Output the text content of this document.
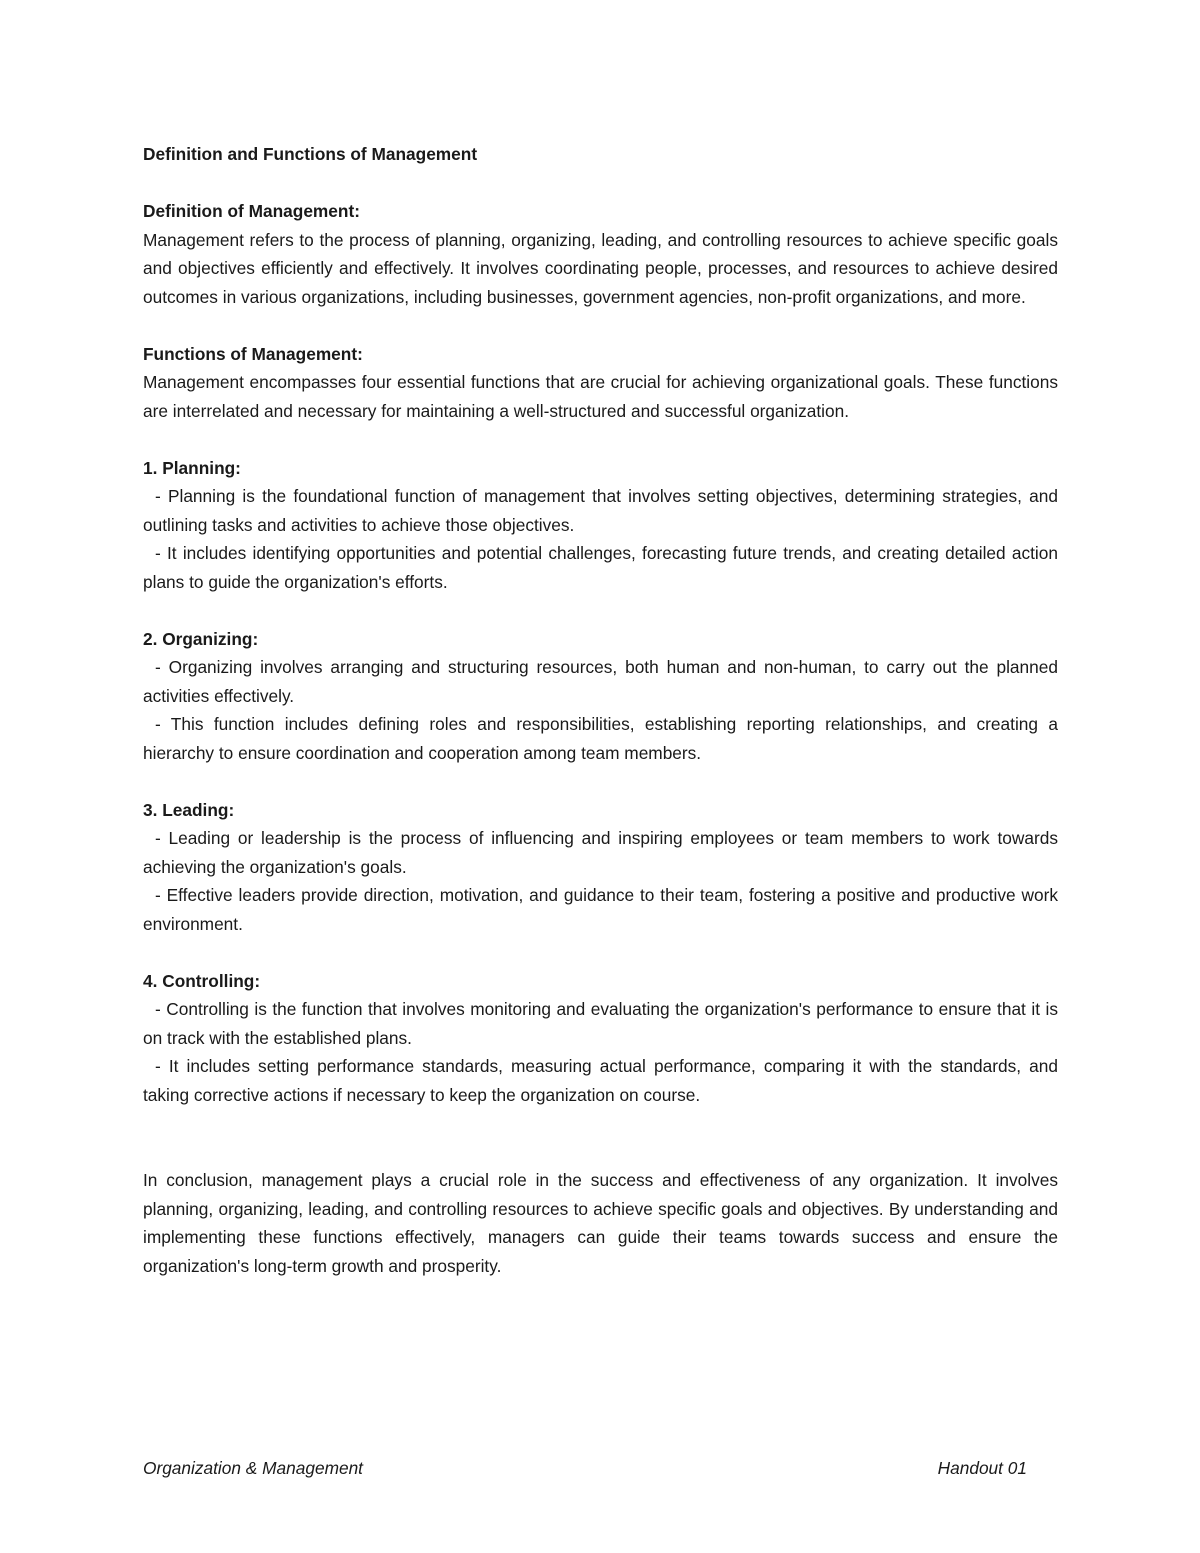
Definition and Functions of Management

Definition of Management:

Management refers to the process of planning, organizing, leading, and controlling resources to achieve specific goals and objectives efficiently and effectively. It involves coordinating people, processes, and resources to achieve desired outcomes in various organizations, including businesses, government agencies, non-profit organizations, and more.

Functions of Management:

Management encompasses four essential functions that are crucial for achieving organizational goals. These functions are interrelated and necessary for maintaining a well-structured and successful organization.

1. Planning:

- Planning is the foundational function of management that involves setting objectives, determining strategies, and outlining tasks and activities to achieve those objectives.

- It includes identifying opportunities and potential challenges, forecasting future trends, and creating detailed action plans to guide the organization's efforts.

2. Organizing:

- Organizing involves arranging and structuring resources, both human and non-human, to carry out the planned activities effectively.

- This function includes defining roles and responsibilities, establishing reporting relationships, and creating a hierarchy to ensure coordination and cooperation among team members.

3. Leading:

- Leading or leadership is the process of influencing and inspiring employees or team members to work towards achieving the organization's goals.

- Effective leaders provide direction, motivation, and guidance to their team, fostering a positive and productive work environment.

4. Controlling:

- Controlling is the function that involves monitoring and evaluating the organization's performance to ensure that it is on track with the established plans.

- It includes setting performance standards, measuring actual performance, comparing it with the standards, and taking corrective actions if necessary to keep the organization on course.

In conclusion, management plays a crucial role in the success and effectiveness of any organization. It involves planning, organizing, leading, and controlling resources to achieve specific goals and objectives. By understanding and implementing these functions effectively, managers can guide their teams towards success and ensure the organization's long-term growth and prosperity.

Organization & Management	Handout 01
